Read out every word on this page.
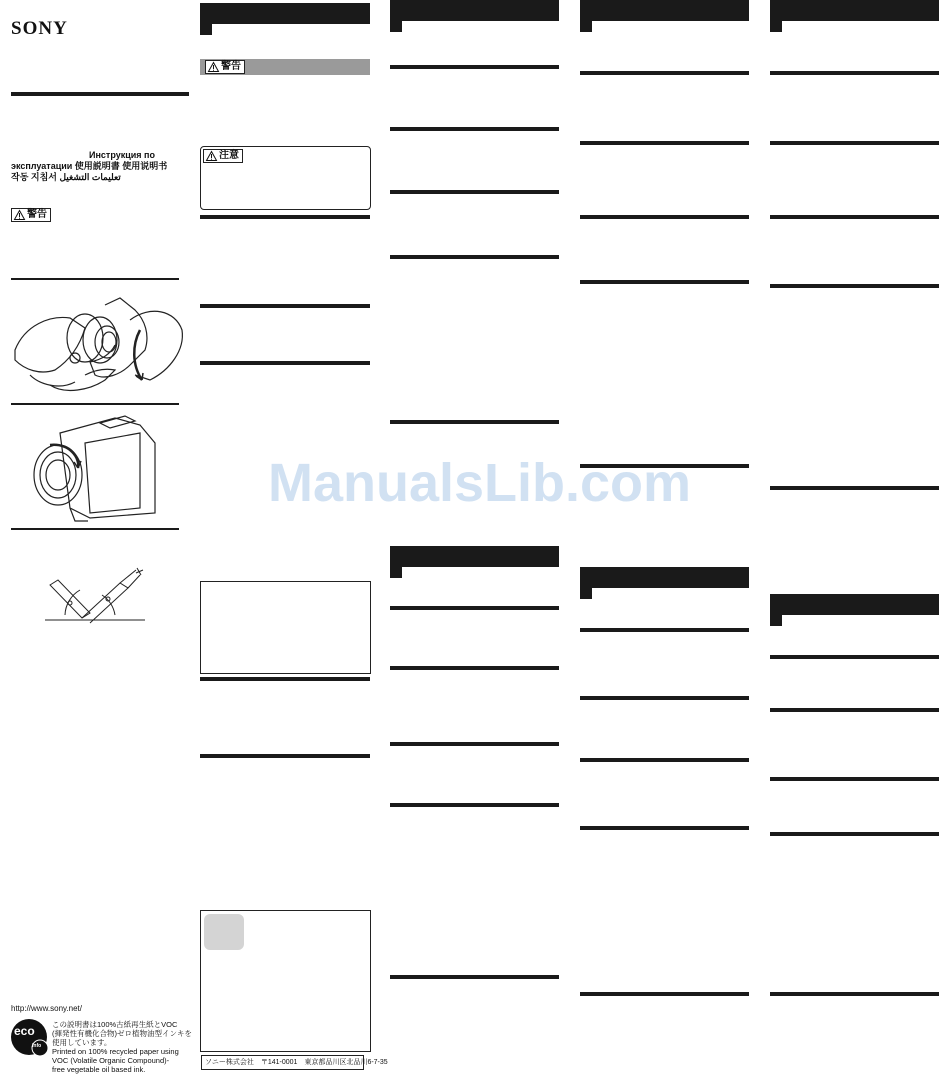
SONY
Инструкция по
эксплуатации 使用説明書 使用说明书
작동 지침서 تعليمات التشغيل
警告
http://www.sony.net/
eco
info
この説明書は100%古紙再生紙とVOC
(揮発性有機化合物)ゼロ植物油型インキを
使用しています。
Printed on 100% recycled paper using
VOC (Volatile Organic Compound)-
free vegetable oil based ink.
警告
注意
ソニー株式会社　〒141-0001　東京都品川区北品川6-7-35
ManualsLib.com
